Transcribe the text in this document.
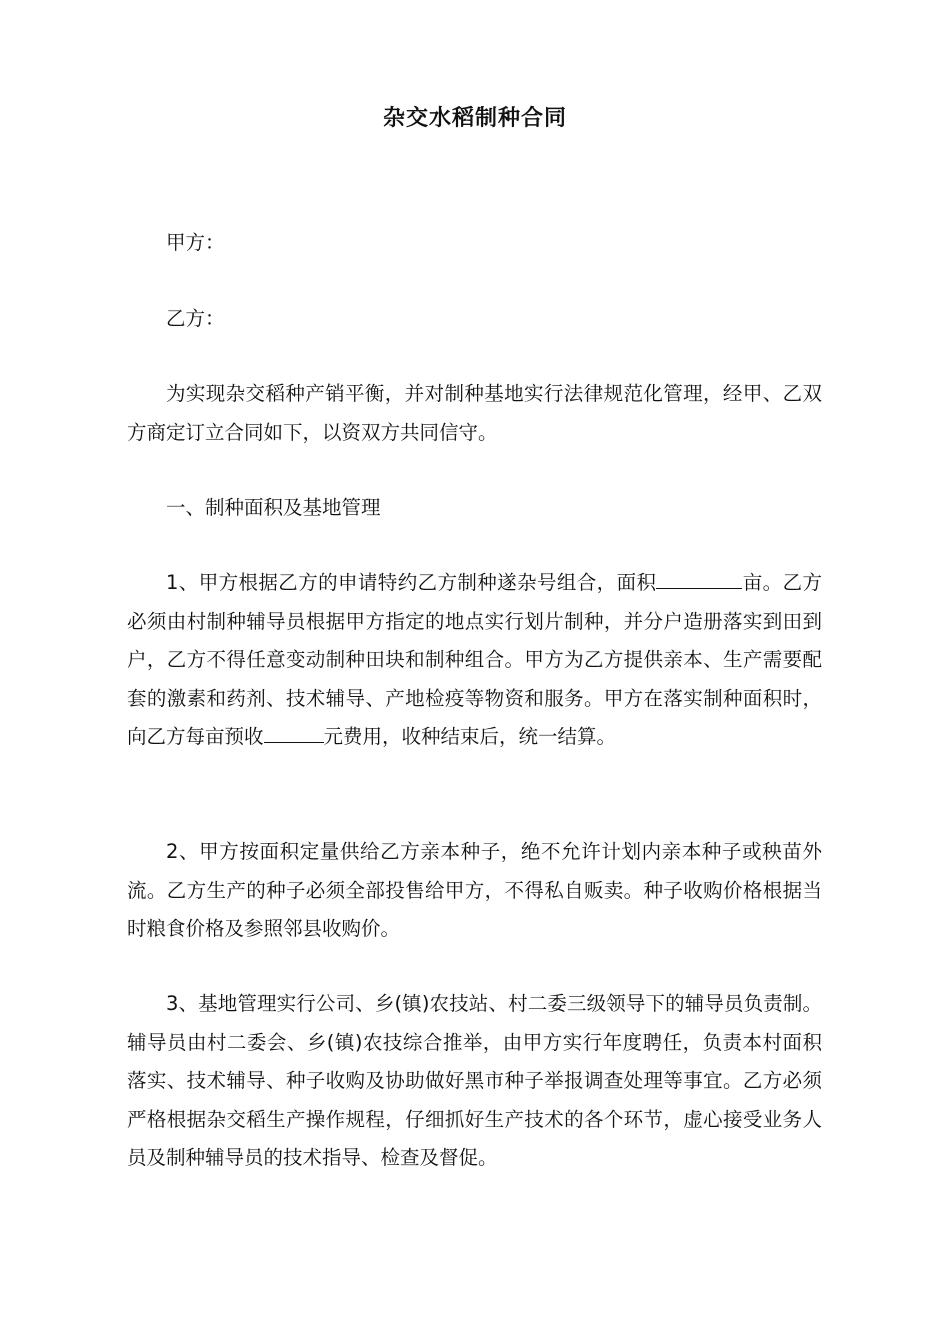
杂交水稻制种合同

甲方：

乙方：

为实现杂交稻种产销平衡，并对制种基地实行法律规范化管理，经甲、乙双方商定订立合同如下，以资双方共同信守。

一、制种面积及基地管理

1、甲方根据乙方的申请特约乙方制种遂杂号组合，面积	亩。乙方必须由村制种辅导员根据甲方指定的地点实行划片制种，并分户造册落实到田到户，乙方不得任意变动制种田块和制种组合。甲方为乙方提供亲本、生产需要配套的激素和药剂、技术辅导、产地检疫等物资和服务。甲方在落实制种面积时，向乙方每亩预收	元费用，收种结束后，统一结算。

2、甲方按面积定量供给乙方亲本种子，绝不允许计划内亲本种子或秧苗外流。乙方生产的种子必须全部投售给甲方，不得私自贩卖。种子收购价格根据当时粮食价格及参照邻县收购价。

3、基地管理实行公司、乡(镇)农技站、村二委三级领导下的辅导员负责制。辅导员由村二委会、乡(镇)农技综合推举，由甲方实行年度聘任，负责本村面积落实、技术辅导、种子收购及协助做好黑市种子举报调查处理等事宜。乙方必须严格根据杂交稻生产操作规程，仔细抓好生产技术的各个环节，虚心接受业务人员及制种辅导员的技术指导、检查及督促。
